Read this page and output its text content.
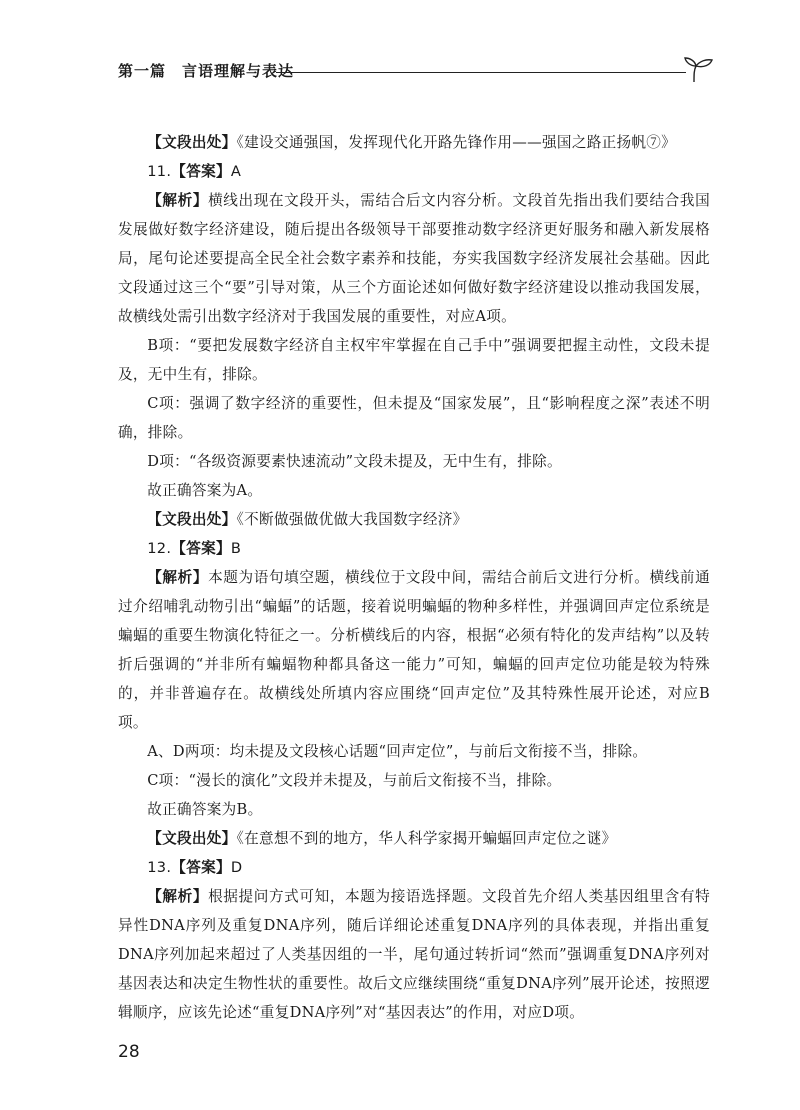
第一篇　言语理解与表达

【文段出处】《建设交通强国，发挥现代化开路先锋作用——强国之路正扬帆⑦》

11.【答案】A

【解析】横线出现在文段开头，需结合后文内容分析。文段首先指出我们要结合我国发展做好数字经济建设，随后提出各级领导干部要推动数字经济更好服务和融入新发展格局，尾句论述要提高全民全社会数字素养和技能，夯实我国数字经济发展社会基础。因此文段通过这三个“要”引导对策，从三个方面论述如何做好数字经济建设以推动我国发展，故横线处需引出数字经济对于我国发展的重要性，对应A项。

B项：“要把发展数字经济自主权牢牢掌握在自己手中”强调要把握主动性，文段未提及，无中生有，排除。

C项：强调了数字经济的重要性，但未提及“国家发展”，且“影响程度之深”表述不明确，排除。

D项：“各级资源要素快速流动”文段未提及，无中生有，排除。

故正确答案为A。

【文段出处】《不断做强做优做大我国数字经济》

12.【答案】B

【解析】本题为语句填空题，横线位于文段中间，需结合前后文进行分析。横线前通过介绍哺乳动物引出“蝙蝠”的话题，接着说明蝙蝠的物种多样性，并强调回声定位系统是蝙蝠的重要生物演化特征之一。分析横线后的内容，根据“必须有特化的发声结构”以及转折后强调的“并非所有蝙蝠物种都具备这一能力”可知，蝙蝠的回声定位功能是较为特殊的，并非普遍存在。故横线处所填内容应围绕“回声定位”及其特殊性展开论述，对应B项。

A、D两项：均未提及文段核心话题“回声定位”，与前后文衔接不当，排除。

C项：“漫长的演化”文段并未提及，与前后文衔接不当，排除。

故正确答案为B。

【文段出处】《在意想不到的地方，华人科学家揭开蝙蝠回声定位之谜》

13.【答案】D

【解析】根据提问方式可知，本题为接语选择题。文段首先介绍人类基因组里含有特异性DNA序列及重复DNA序列，随后详细论述重复DNA序列的具体表现，并指出重复DNA序列加起来超过了人类基因组的一半，尾句通过转折词“然而”强调重复DNA序列对基因表达和决定生物性状的重要性。故后文应继续围绕“重复DNA序列”展开论述，按照逻辑顺序，应该先论述“重复DNA序列”对“基因表达”的作用，对应D项。

28
